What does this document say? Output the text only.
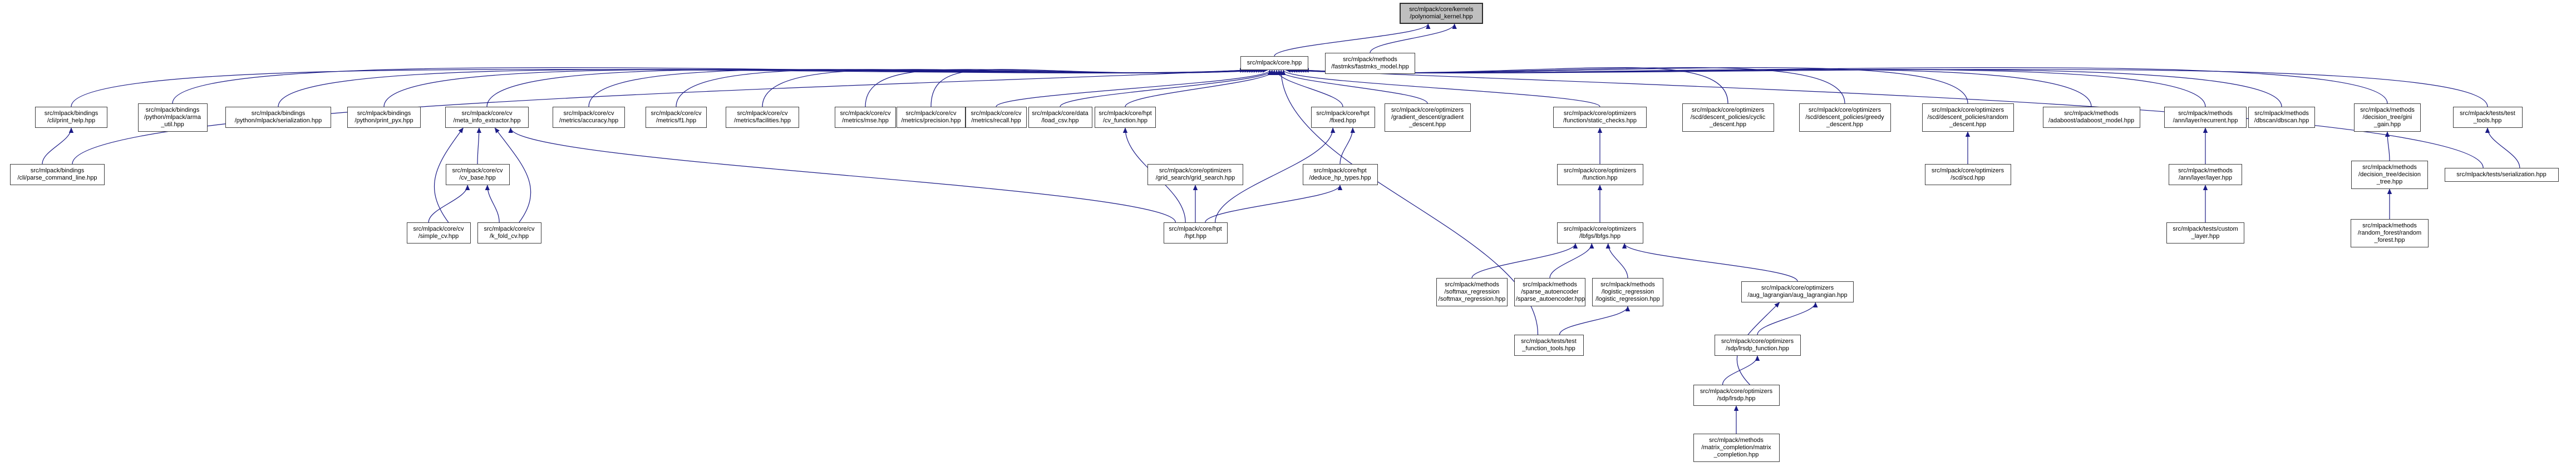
src/mlpack/core/kernels
/polynomial_kernel.hpp
src/mlpack/core.hpp	src/mlpack/methods
/fastmks/fastmks_model.hpp
src/mlpack/bindings
/cli/print_help.hpp
src/mlpack/bindings
/python/mlpack/arma
_util.hpp
src/mlpack/bindings
/python/mlpack/serialization.hpp
src/mlpack/bindings
/python/print_pyx.hpp
src/mlpack/core/cv
/meta_info_extractor.hpp
src/mlpack/core/cv
/metrics/accuracy.hpp
src/mlpack/core/cv
/metrics/f1.hpp
src/mlpack/core/cv
/metrics/facilities.hpp
src/mlpack/core/cv
/metrics/mse.hpp
src/mlpack/core/cv
/metrics/precision.hpp
src/mlpack/core/cv
/metrics/recall.hpp
src/mlpack/core/data
/load_csv.hpp
src/mlpack/core/hpt
/cv_function.hpp
src/mlpack/core/hpt
/fixed.hpp
src/mlpack/core/optimizers
/gradient_descent/gradient
_descent.hpp
src/mlpack/core/optimizers
/function/static_checks.hpp
src/mlpack/core/optimizers
/scd/descent_policies/cyclic
_descent.hpp
src/mlpack/core/optimizers
/scd/descent_policies/greedy
_descent.hpp
src/mlpack/core/optimizers
/scd/descent_policies/random
_descent.hpp
src/mlpack/methods
/adaboost/adaboost_model.hpp
src/mlpack/methods
/ann/layer/recurrent.hpp
src/mlpack/methods
/dbscan/dbscan.hpp
src/mlpack/methods
/decision_tree/gini
_gain.hpp
src/mlpack/tests/test
_tools.hpp
src/mlpack/bindings
/cli/parse_command_line.hpp
src/mlpack/core/cv
/cv_base.hpp
src/mlpack/core/optimizers
/grid_search/grid_search.hpp
src/mlpack/core/hpt
/deduce_hp_types.hpp
src/mlpack/core/optimizers
/function.hpp
src/mlpack/core/optimizers
/scd/scd.hpp
src/mlpack/methods
/ann/layer/layer.hpp
src/mlpack/methods
/decision_tree/decision
_tree.hpp
src/mlpack/tests/serialization.hpp
src/mlpack/core/cv
/simple_cv.hpp
src/mlpack/core/cv
/k_fold_cv.hpp
src/mlpack/core/hpt
/hpt.hpp
src/mlpack/core/optimizers
/lbfgs/lbfgs.hpp
src/mlpack/tests/custom
_layer.hpp
src/mlpack/methods
/random_forest/random
_forest.hpp
src/mlpack/methods
/softmax_regression
/softmax_regression.hpp
src/mlpack/methods
/sparse_autoencoder
/sparse_autoencoder.hpp
src/mlpack/methods
/logistic_regression
/logistic_regression.hpp
src/mlpack/core/optimizers
/aug_lagrangian/aug_lagrangian.hpp
src/mlpack/tests/test
_function_tools.hpp
src/mlpack/core/optimizers
/sdp/lrsdp_function.hpp
src/mlpack/core/optimizers
/sdp/lrsdp.hpp
src/mlpack/methods
/matrix_completion/matrix
_completion.hpp
